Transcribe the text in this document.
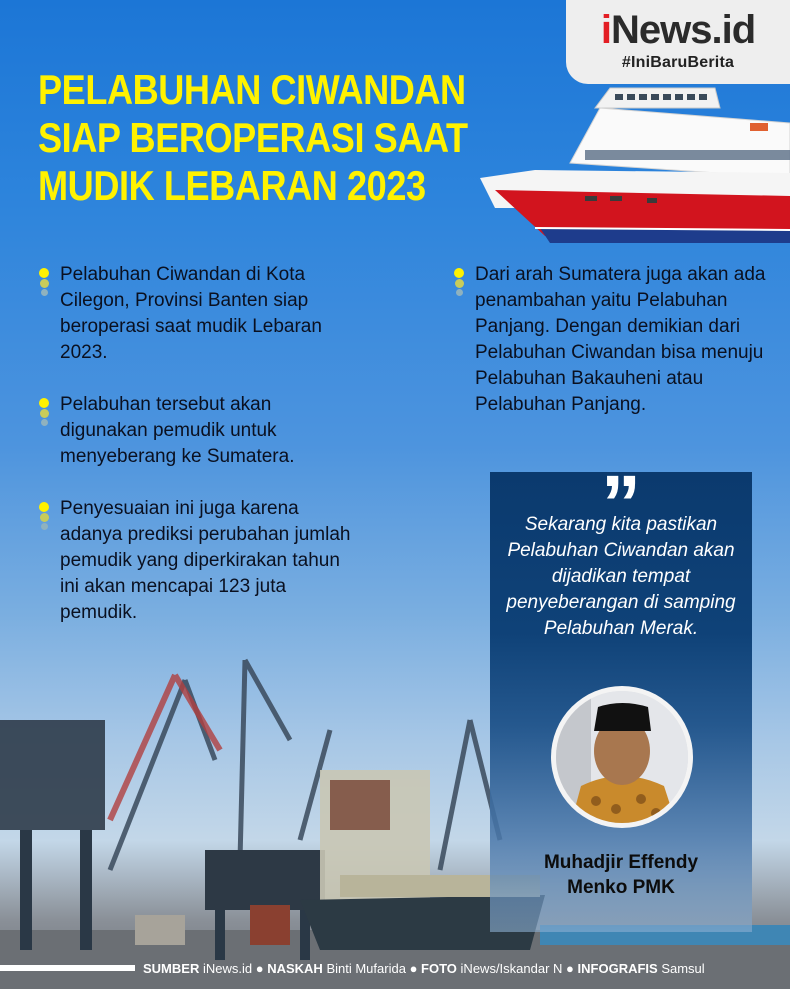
iNews.id
#IniBaruBerita
PELABUHAN CIWANDAN
SIAP BEROPERASI SAAT
MUDIK LEBARAN 2023
Pelabuhan Ciwandan di Kota Cilegon, Provinsi Banten siap beroperasi saat mudik Lebaran 2023.
Pelabuhan tersebut akan digunakan pemudik untuk menyeberang ke Sumatera.
Penyesuaian ini juga karena adanya prediksi perubahan jumlah pemudik yang diperkirakan tahun ini akan mencapai 123 juta pemudik.
Dari arah Sumatera juga akan ada penambahan yaitu Pelabuhan Panjang. Dengan demikian dari Pelabuhan Ciwandan bisa menuju Pelabuhan Bakauheni atau Pelabuhan Panjang.
”
Sekarang kita pastikan Pelabuhan Ciwandan akan dijadikan tempat penyeberangan di samping Pelabuhan Merak.
Muhadjir Effendy
Menko PMK
SUMBER iNews.id ● NASKAH Binti Mufarida ● FOTO iNews/Iskandar N ● INFOGRAFIS Samsul
